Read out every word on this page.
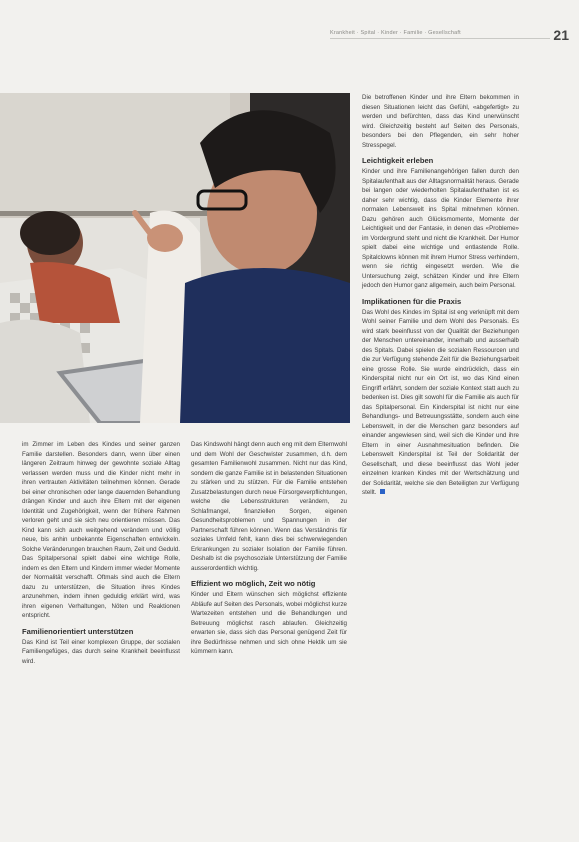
Krankheit · Spital · Kinder · Familie · Gesellschaft	21

im Zimmer im Leben des Kindes und seiner ganzen Familie darstellen. Besonders dann, wenn über einen längeren Zeitraum hinweg der gewohnte soziale Alltag verlassen werden muss und die Kinder nicht mehr in ihren vertrauten Aktivitäten teilnehmen können. Gerade bei einer chronischen oder lange dauernden Behandlung drängen Kinder und auch ihre Eltern mit der eigenen Identität und Zugehörigkeit, wenn der frühere Rahmen verloren geht und sie sich neu orientieren müssen. Das Kind kann sich auch weitgehend verändern und völlig neue, bis anhin unbekannte Eigenschaften entwickeln. Solche Veränderungen brauchen Raum, Zeit und Geduld. Das Spitalpersonal spielt dabei eine wichtige Rolle, indem es den Eltern und Kindern immer wieder Momente der Normalität verschafft. Oftmals sind auch die Eltern dazu zu unterstützen, die Situation ihres Kindes anzunehmen, indem ihnen geduldig erklärt wird, was ihren eigenen Verhaltungen, Nöten und Reaktionen entspricht.

Familienorientiert unterstützen

Das Kind ist Teil einer komplexen Gruppe, der sozialen Familiengefüges, das durch seine Krankheit beeinflusst wird.

Das Kindswohl hängt denn auch eng mit dem Elternwohl und dem Wohl der Geschwister zusammen, d.h. dem gesamten Familienwohl zusammen. Nicht nur das Kind, sondern die ganze Familie ist in belastenden Situationen zu stärken und zu stützen. Für die Familie entstehen Zusatzbelastungen durch neue Fürsorgeverpflichtungen, welche die Lebensstrukturen verändern, zu Schlafmangel, finanziellen Sorgen, eigenen Gesundheitsproblemen und Spannungen in der Partnerschaft führen können. Wenn das Verständnis für soziales Umfeld fehlt, kann dies bei schwerwiegenden Erkrankungen zu sozialer Isolation der Familie führen. Deshalb ist die psychosoziale Unterstützung der Familie ausserordentlich wichtig.

Effizient wo möglich, Zeit wo nötig

Kinder und Eltern wünschen sich möglichst effiziente Abläufe auf Seiten des Personals, wobei möglichst kurze Wartezeiten entstehen und die Behandlungen und Betreuung möglichst rasch ablaufen. Gleichzeitig erwarten sie, dass sich das Personal genügend Zeit für ihre Bedürfnisse nehmen und sich ohne Hektik um sie kümmern kann.

Die betroffenen Kinder und ihre Eltern bekommen in diesen Situationen leicht das Gefühl, «abgefertigt» zu werden und befürchten, dass das Kind unerwünscht wird. Gleichzeitig besteht auf Seiten des Personals, besonders bei den Pflegenden, ein sehr hoher Stresspegel.

Leichtigkeit erleben

Kinder und ihre Familienangehörigen fallen durch den Spitalaufenthalt aus der Alltagsnormalität heraus. Gerade bei langen oder wiederholten Spitalaufenthalten ist es daher sehr wichtig, dass die Kinder Elemente ihrer normalen Lebenswelt ins Spital mitnehmen können. Dazu gehören auch Glücksmomente, Momente der Leichtigkeit und der Fantasie, in denen das «Probleme» im Vordergrund steht und nicht die Krankheit. Der Humor spielt dabei eine wichtige und entlastende Rolle. Spitalclowns können mit ihrem Humor Stress verhindern, wenn sie richtig eingesetzt werden. Wie die Untersuchung zeigt, schätzen Kinder und ihre Eltern jedoch den Humor ganz allgemein, auch beim Personal.

Implikationen für die Praxis

Das Wohl des Kindes im Spital ist eng verknüpft mit dem Wohl seiner Familie und dem Wohl des Personals. Es wird stark beeinflusst von der Qualität der Beziehungen der Menschen untereinander, innerhalb und ausserhalb des Spitals. Dabei spielen die sozialen Ressourcen und die zur Verfügung stehende Zeit für die Beziehungsarbeit eine grosse Rolle. Sie wurde eindrücklich, dass ein Kinderspital nicht nur ein Ort ist, wo das Kind einen Eingriff erfährt, sondern der soziale Kontext statt auch zu bedenken ist. Dies gilt sowohl für die Familie als auch für das Spitalpersonal. Ein Kinderspital ist nicht nur eine Behandlungs- und Betreuungsstätte, sondern auch eine Lebenswelt, in der die Menschen ganz besonders auf einander angewiesen sind, weil sich die Kinder und ihre Eltern in einer Ausnahmesituation befinden. Die Lebenswelt Kinderspital ist Teil der Solidarität der Gesellschaft, und diese beeinflusst das Wohl jeder einzelnen kranken Kindes mit der Wertschätzung und der Solidarität, welche sie den Beteiligten zur Verfügung stellt.
